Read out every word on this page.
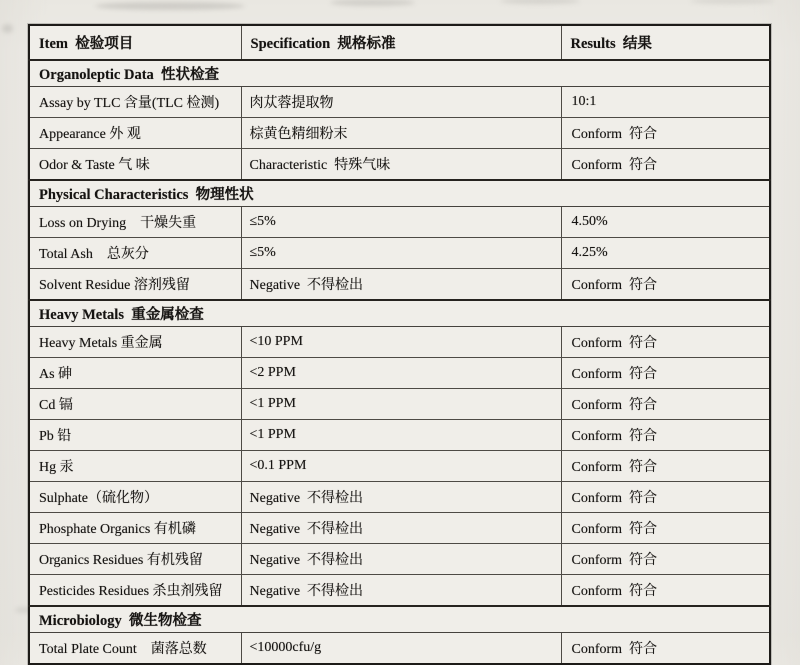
Item  检验项目	Specification  规格标准	Results  结果
Organoleptic Data  性状检查		
Assay by TLC 含量(TLC 检测)	肉苁蓉提取物	10:1
Appearance 外 观	棕黄色精细粉末	Conform  符合
Odor & Taste 气 味	Characteristic  特殊气味	Conform  符合
Physical Characteristics  物理性状		
Loss on Drying    干燥失重	≤5%	4.50%
Total Ash    总灰分	≤5%	4.25%
Solvent Residue 溶剂残留	Negative  不得检出	Conform  符合
Heavy Metals  重金属检查		
Heavy Metals 重金属	<10 PPM	Conform  符合
As 砷	<2 PPM	Conform  符合
Cd 镉	<1 PPM	Conform  符合
Pb 铅	<1 PPM	Conform  符合
Hg 汞	<0.1 PPM	Conform  符合
Sulphate（硫化物）	Negative  不得检出	Conform  符合
Phosphate Organics 有机磷	Negative  不得检出	Conform  符合
Organics Residues 有机残留	Negative  不得检出	Conform  符合
Pesticides Residues 杀虫剂残留	Negative  不得检出	Conform  符合
Microbiology  微生物检查		
Total Plate Count    菌落总数	<10000cfu/g	Conform  符合
